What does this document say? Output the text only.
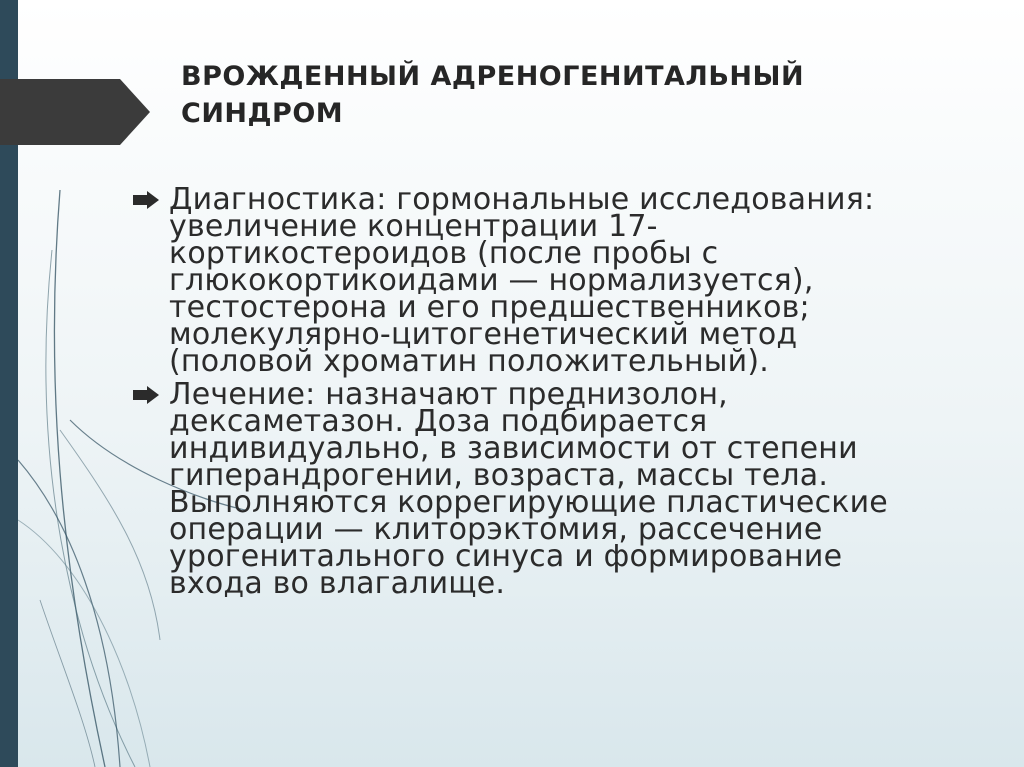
ВРОЖДЕННЫЙ АДРЕНОГЕНИТАЛЬНЫЙ СИНДРОМ
Диагностика: гормональные исследования: увеличение концентрации 17- кортикостероидов (после пробы с глюкокортикоидами — нормализуется), тестостерона и его предшественников; молекулярно-цитогенетический метод (половой хроматин положительный).
Лечение: назначают преднизолон, дексаметазон. Доза подбирается индивидуально, в зависимости от степени гиперандрогении, возраста, массы тела. Выполняются коррегирующие пластические операции — клиторэктомия, рассечение урогенитального синуса и формирование входа во влагалище.
